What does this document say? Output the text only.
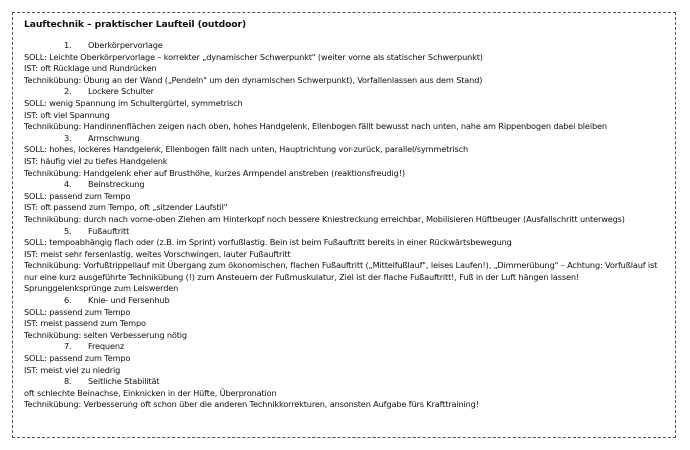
Lauftechnik – praktischer Laufteil (outdoor)
1. Oberkörpervorlage
SOLL: Leichte Oberkörpervorlage – korrekter „dynamischer Schwerpunkt" (weiter vorne als statischer Schwerpunkt)
IST: oft Rücklage und Rundrücken
Technikübung: Übung an der Wand („Pendeln" um den dynamischen Schwerpunkt), Vorfallenlassen aus dem Stand)
2. Lockere Schulter
SOLL: wenig Spannung im Schultergürtel, symmetrisch
IST: oft viel Spannung
Technikübung: Handinnenflächen zeigen nach oben, hohes Handgelenk, Ellenbogen fällt bewusst nach unten, nahe am Rippenbogen dabei bleiben
3. Armschwung
SOLL: hohes, lockeres Handgelenk, Ellenbogen fällt nach unten, Hauptrichtung vor-zurück, parallel/symmetrisch
IST: häufig viel zu tiefes Handgelenk
Technikübung: Handgelenk eher auf Brusthöhe, kurzes Armpendel anstreben (reaktionsfreudig!)
4. Beinstreckung
SOLL: passend zum Tempo
IST: oft passend zum Tempo, oft „sitzender Laufstil"
Technikübung: durch nach vorne-oben Ziehen am Hinterkopf noch bessere Kniestreckung erreichbar, Mobilisieren Hüftbeuger (Ausfallschritt unterwegs)
5. Fußauftritt
SOLL: tempoabhängig flach oder (z.B. im Sprint) vorfußlastig. Bein ist beim Fußauftritt bereits in einer Rückwärtsbewegung
IST: meist sehr fersenlastig, weites Vorschwingen, lauter Fußauftritt
Technikübung: Vorfußtrippellauf mit Übergang zum ökonomischen, flachen Fußauftritt („Mittelfußlauf", leises Laufen!), „Dimmerübung" – Achtung: Vorfußlauf ist nur eine kurz ausgeführte Technikübung (!) zum Ansteuern der Fußmuskulatur, Ziel ist der flache Fußauftritt!, Fuß in der Luft hängen lassen! Sprunggelenksprünge zum Leiswerden
6. Knie- und Fersenhub
SOLL: passend zum Tempo
IST: meist passend zum Tempo
Technikübung: selten Verbesserung nötig
7. Frequenz
SOLL: passend zum Tempo
IST: meist viel zu niedrig
8. Seitliche Stabilität
oft schlechte Beinachse, Einknicken in der Hüfte, Überpronation
Technikübung: Verbesserung oft schon über die anderen Technikkorrekturen, ansonsten Aufgabe fürs Krafttraining!
